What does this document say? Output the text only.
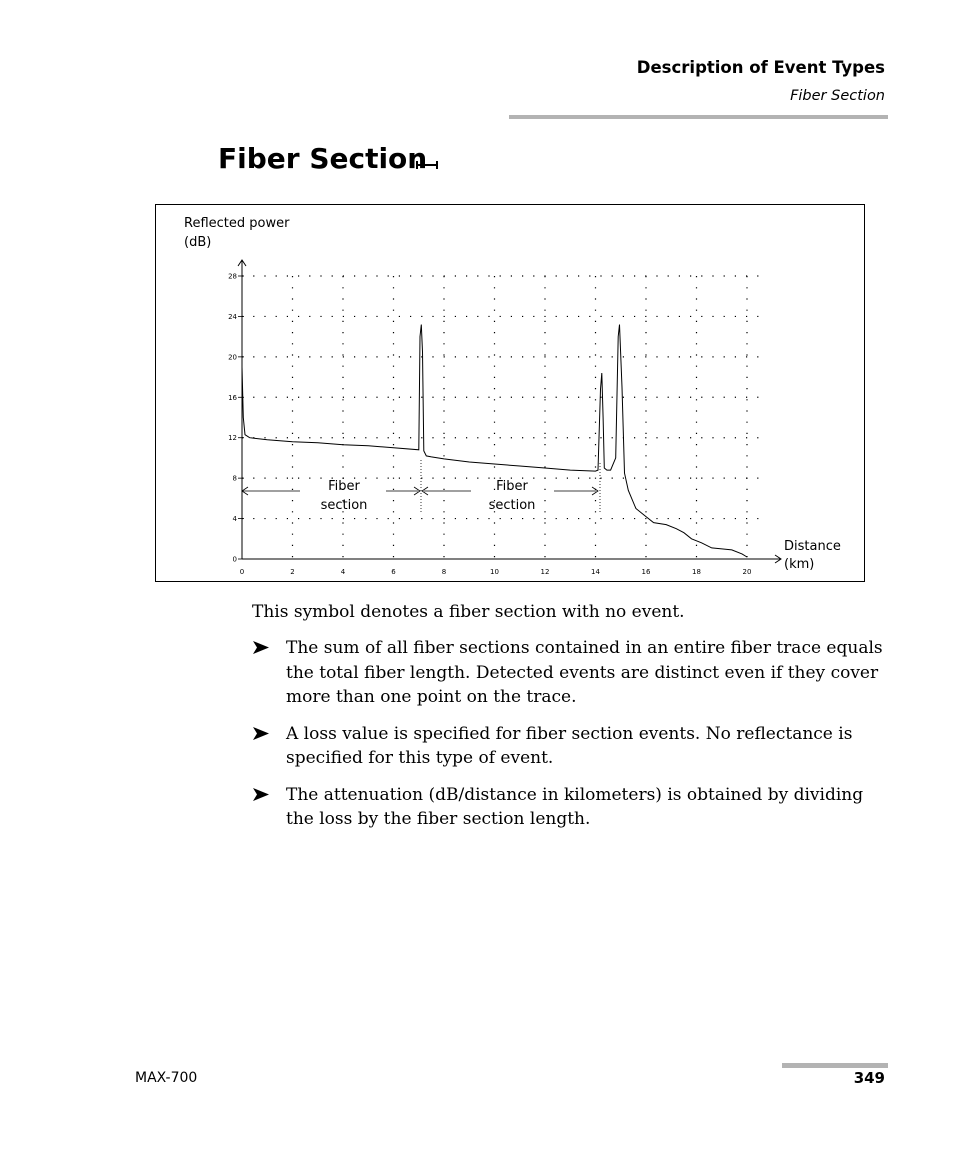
Description of Event Types
Fiber Section
Fiber Section
Reflected power
(dB)
Distance
(km)
0
4
8
12
16
20
24
28
0	2	4	6	8	10	12	14	16	18	20
Fiber
section
Fiber
section
This symbol denotes a fiber section with no event.
The sum of all fiber sections contained in an entire fiber trace equals the total fiber length. Detected events are distinct even if they cover more than one point on the trace.
A loss value is specified for fiber section events. No reflectance is specified for this type of event.
The attenuation (dB/distance in kilometers) is obtained by dividing the loss by the fiber section length.
MAX-700	349
